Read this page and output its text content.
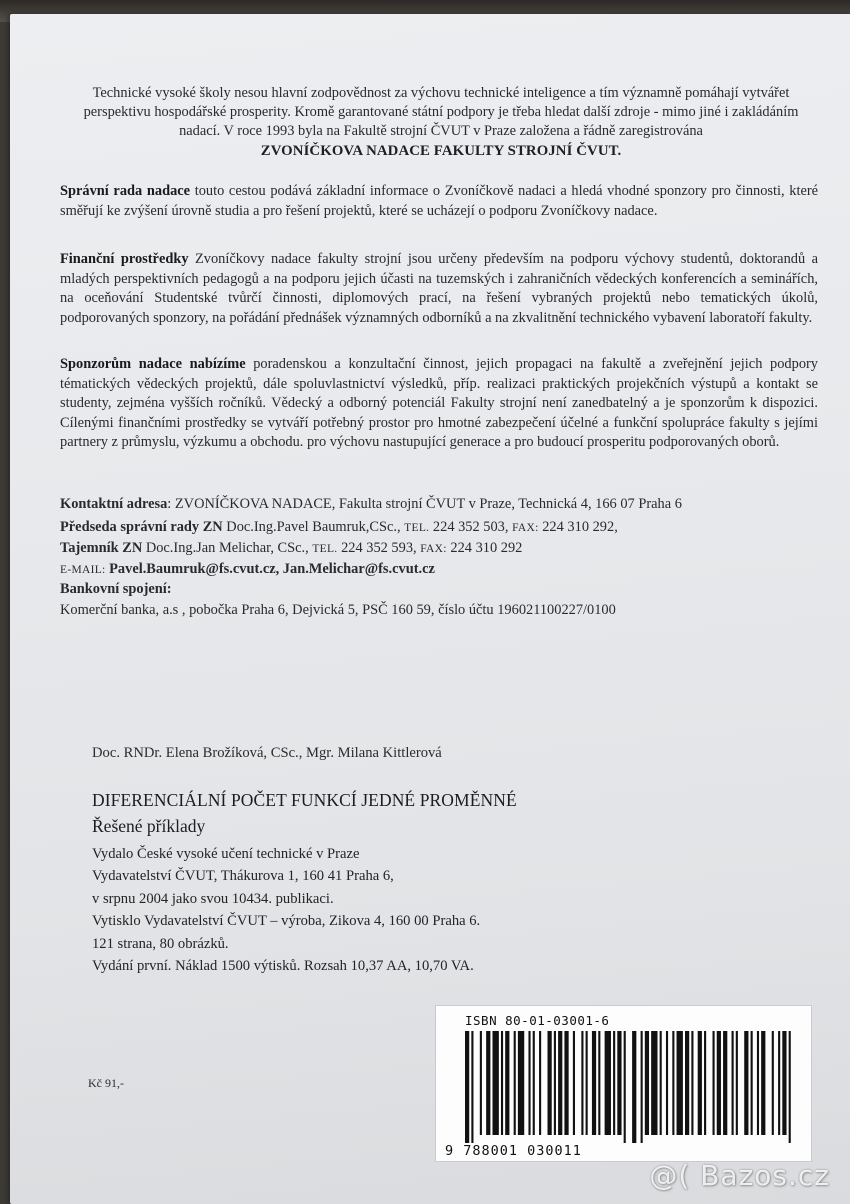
Technické vysoké školy nesou hlavní zodpovědnost za výchovu technické inteligence a tím významně pomáhají vytvářet perspektivu hospodářské prosperity. Kromě garantované státní podpory je třeba hledat další zdroje - mimo jiné i zakládáním nadací. V roce 1993 byla na Fakultě strojní ČVUT v Praze založena a řádně zaregistrována
ZVONÍČKOVA NADACE FAKULTY STROJNÍ ČVUT.
Správní rada nadace touto cestou podává základní informace o Zvoníčkově nadaci a hledá vhodné sponzory pro činnosti, které směřují ke zvýšení úrovně studia a pro řešení projektů, které se ucházejí o podporu Zvoníčkovy nadace.
Finanční prostředky Zvoníčkovy nadace fakulty strojní jsou určeny především na podporu výchovy studentů, doktorandů a mladých perspektivních pedagogů a na podporu jejich účasti na tuzemských i zahraničních vědeckých konferencích a seminářích, na oceňování Studentské tvůrčí činnosti, diplomových prací, na řešení vybraných projektů nebo tematických úkolů, podporovaných sponzory, na pořádání přednášek významných odborníků a na zkvalitnění technického vybavení laboratoří fakulty.
Sponzorům nadace nabízíme poradenskou a konzultační činnost, jejich propagaci na fakultě a zveřejnění jejich podpory tématických vědeckých projektů, dále spoluvlastnictví výsledků, příp. realizaci praktických projekčních výstupů a kontakt se studenty, zejména vyšších ročníků. Vědecký a odborný potenciál Fakulty strojní není zanedbatelný a je sponzorům k dispozici. Cílenými finančními prostředky se vytváří potřebný prostor pro hmotné zabezpečení účelné a funkční spolupráce fakulty s jejími partnery z průmyslu, výzkumu a obchodu. pro výchovu nastupující generace a pro budoucí prosperitu podporovaných oborů.
Kontaktní adresa: ZVONÍČKOVA NADACE, Fakulta strojní ČVUT v Praze, Technická 4, 166 07 Praha 6
Předseda správní rady ZN Doc.Ing.Pavel Baumruk,CSc., TEL. 224 352 503, FAX: 224 310 292,
Tajemník ZN Doc.Ing.Jan Melichar, CSc., TEL. 224 352 593, FAX: 224 310 292
E-MAIL: Pavel.Baumruk@fs.cvut.cz, Jan.Melichar@fs.cvut.cz
Bankovní spojení:
Komerční banka, a.s , pobočka Praha 6, Dejvická 5, PSČ 160 59, číslo účtu 196021100227/0100
Doc. RNDr. Elena Brožíková, CSc., Mgr. Milana Kittlerová
DIFERENCIÁLNÍ POČET FUNKCÍ JEDNÉ PROMĚNNÉ
Řešené příklady
Vydalo České vysoké učení technické v Praze
Vydavatelství ČVUT, Thákurova 1, 160 41 Praha 6,
v srpnu 2004 jako svou 10434. publikaci.
Vytisklo Vydavatelství ČVUT – výroba, Zikova 4, 160 00 Praha 6.
121 strana, 80 obrázků.
Vydání první. Náklad 1500 výtisků. Rozsah 10,37 AA, 10,70 VA.
Kč 91,-
ISBN 80-01-03001-6
9 788001 030011
@( Bazos.cz
